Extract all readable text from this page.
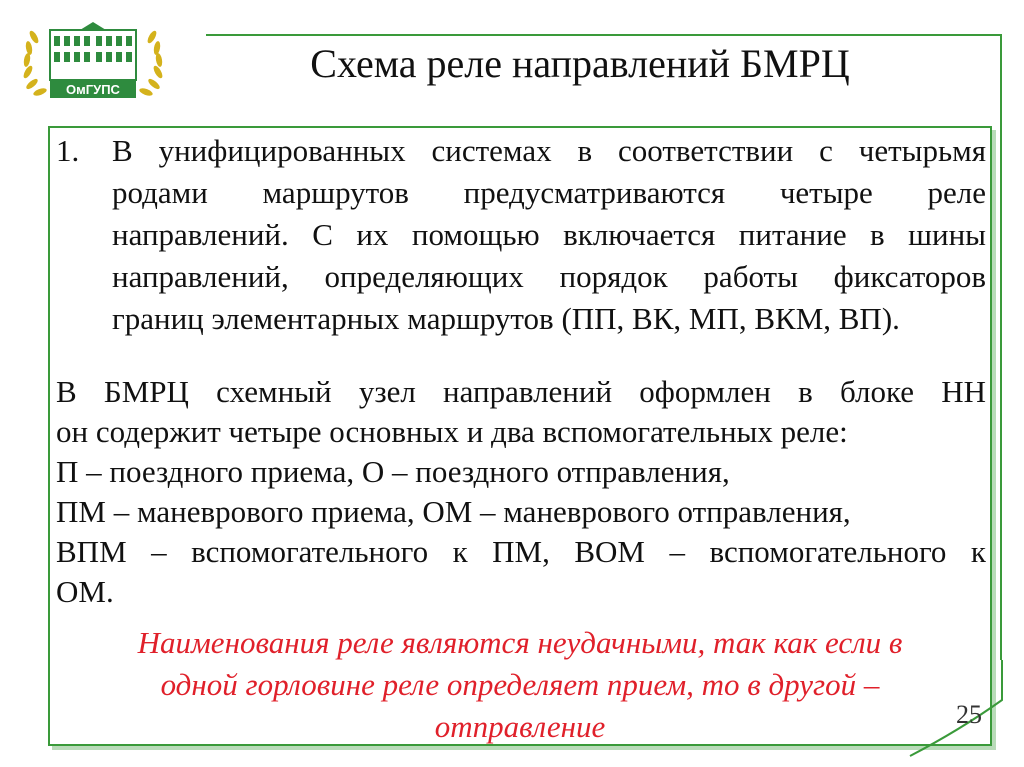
ОмГУПС
Схема реле направлений БМРЦ
1. В унифицированных системах в соответствии с четырьмя
родами маршрутов предусматриваются четыре реле
направлений. С их помощью включается питание в шины
направлений, определяющих порядок работы фиксаторов
границ элементарных маршрутов (ПП, ВК, МП, ВКМ, ВП).
В БМРЦ схемный узел направлений оформлен в блоке НН
он содержит четыре основных и два вспомогательных реле:
П – поездного приема, О – поездного отправления,
ПМ – маневрового приема, ОМ – маневрового отправления,
ВПМ – вспомогательного к ПМ, ВОМ – вспомогательного к
ОМ.
Наименования реле являются неудачными, так как если в
одной горловине реле определяет прием, то в другой –
отправление	25
